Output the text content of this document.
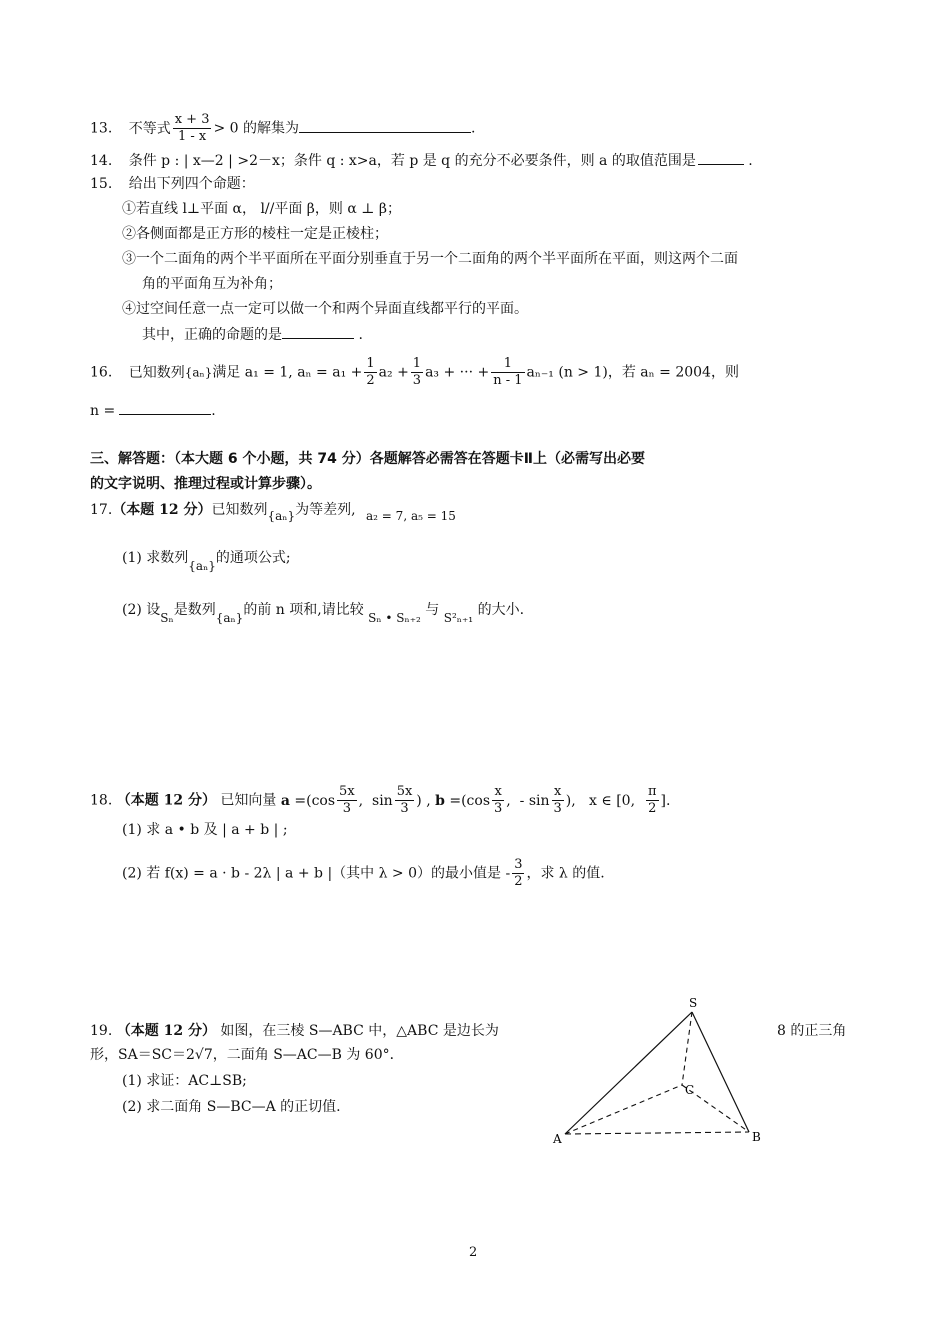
13. 不等式 $\frac{x + 3}{1 - x} > 0$ 的解集为	.
14. 条件 p : | x—2 | >2－x；条件 q : x>a，若 p 是 q 的充分不必要条件，则 a 的取值范围是	.
15. 给出下列四个命题：
①若直线 l⊥平面 α， l//平面 β，则 α ⊥ β；
②各侧面都是正方形的棱柱一定是正棱柱；
③一个二面角的两个半平面所在平面分别垂直于另一个二面角的两个半平面所在平面，则这两个二面
角的平面角互为补角；
④过空间任意一点一定可以做一个和两个异面直线都平行的平面。
其中，正确的命题的是	.
16. 已知数列{aₙ}满足 a₁ = 1, $a_n = a_1 + \frac{1}{2} a_2 + \frac{1}{3} a_3$ + ··· + $\frac{1}{n - 1} a_{n-1}$ (n > 1)，若 aₙ = 2004，则
n =	.
三、解答题：（本大题 6 个小题，共 74 分）各题解答必需答在答题卡Ⅱ上（必需写出必要
的文字说明、推理过程或计算步骤）。
17.（本题 12 分）已知数列{aₙ}为等差列, a₂ = 7, a₅ = 15
(1) 求数列{aₙ}的通项公式;
(2) 设Sₙ是数列{aₙ}的前 n 项和,请比较 Sₙ • Sₙ₊₂ 与 S²ₙ₊₁ 的大小.
18. （本题 12 分） 已知向量 $a =(\cos \frac{5x}{3}$ ,  $\sin \frac{5x}{3}$ ) , $b =(\cos \frac{x}{3}$ ,  - $\sin \frac{x}{3}$ ),   x ∈ [0, $\frac{\pi}{2}$ ].
(1) 求 a • b 及 | a + b | ;
(2) 若 f(x) = a · b - 2λ | a + b |（其中 λ > 0）的最小值是 - $\frac{3}{2}$ ，求 λ 的值.
19. （本题 12 分） 如图，在三棱 S—ABC 中，△ABC 是边长为	8 的正三角
形，SA＝SC＝2√7，二面角 S—AC—B 为 60°．
(1) 求证：AC⊥SB;
(2) 求二面角 S—BC—A 的正切值.
S
A	B
C
2
